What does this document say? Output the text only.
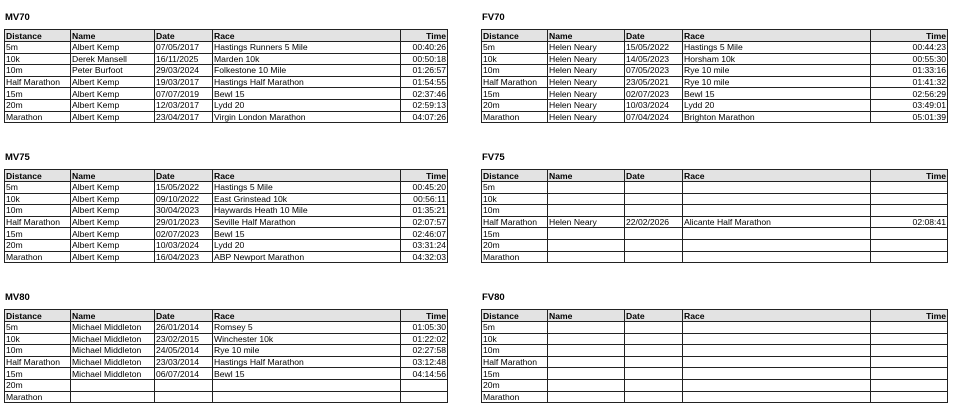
MV70
Distance	Name	Date	Race	Time
5m	Albert Kemp	07/05/2017	Hastings Runners 5 Mile	00:40:26
10k	Derek Mansell	16/11/2025	Marden 10k	00:50:18
10m	Peter Burfoot	29/03/2024	Folkestone 10 Mile	01:26:57
Half Marathon	Albert Kemp	19/03/2017	Hastings Half Marathon	01:54:55
15m	Albert Kemp	07/07/2019	Bewl 15	02:37:46
20m	Albert Kemp	12/03/2017	Lydd 20	02:59:13
Marathon	Albert Kemp	23/04/2017	Virgin London Marathon	04:07:26
FV70
Distance	Name	Date	Race	Time
5m	Helen Neary	15/05/2022	Hastings 5 Mile	00:44:23
10k	Helen Neary	14/05/2023	Horsham 10k	00:55:30
10m	Helen Neary	07/05/2023	Rye 10 mile	01:33:16
Half Marathon	Helen Neary	23/05/2021	Rye 10 mile	01:41:32
15m	Helen Neary	02/07/2023	Bewl 15	02:56:29
20m	Helen Neary	10/03/2024	Lydd 20	03:49:01
Marathon	Helen Neary	07/04/2024	Brighton Marathon	05:01:39
MV75
Distance	Name	Date	Race	Time
5m	Albert Kemp	15/05/2022	Hastings 5 Mile	00:45:20
10k	Albert Kemp	09/10/2022	East Grinstead 10k	00:56:11
10m	Albert Kemp	30/04/2023	Haywards Heath 10 Mile	01:35:21
Half Marathon	Albert Kemp	29/01/2023	Seville Half Marathon	02:07:57
15m	Albert Kemp	02/07/2023	Bewl 15	02:46:07
20m	Albert Kemp	10/03/2024	Lydd 20	03:31:24
Marathon	Albert Kemp	16/04/2023	ABP Newport Marathon	04:32:03
FV75
Distance	Name	Date	Race	Time
5m				
10k				
10m				
Half Marathon	Helen Neary	22/02/2026	Alicante Half Marathon	02:08:41
15m				
20m				
Marathon				
MV80
Distance	Name	Date	Race	Time
5m	Michael Middleton	26/01/2014	Romsey 5	01:05:30
10k	Michael Middleton	23/02/2015	Winchester 10k	01:22:02
10m	Michael Middleton	24/05/2014	Rye 10 mile	02:27:58
Half Marathon	Michael Middleton	23/03/2014	Hastings Half Marathon	03:12:48
15m	Michael Middleton	06/07/2014	Bewl 15	04:14:56
20m				
Marathon				
FV80
Distance	Name	Date	Race	Time
5m				
10k				
10m				
Half Marathon				
15m				
20m				
Marathon				
